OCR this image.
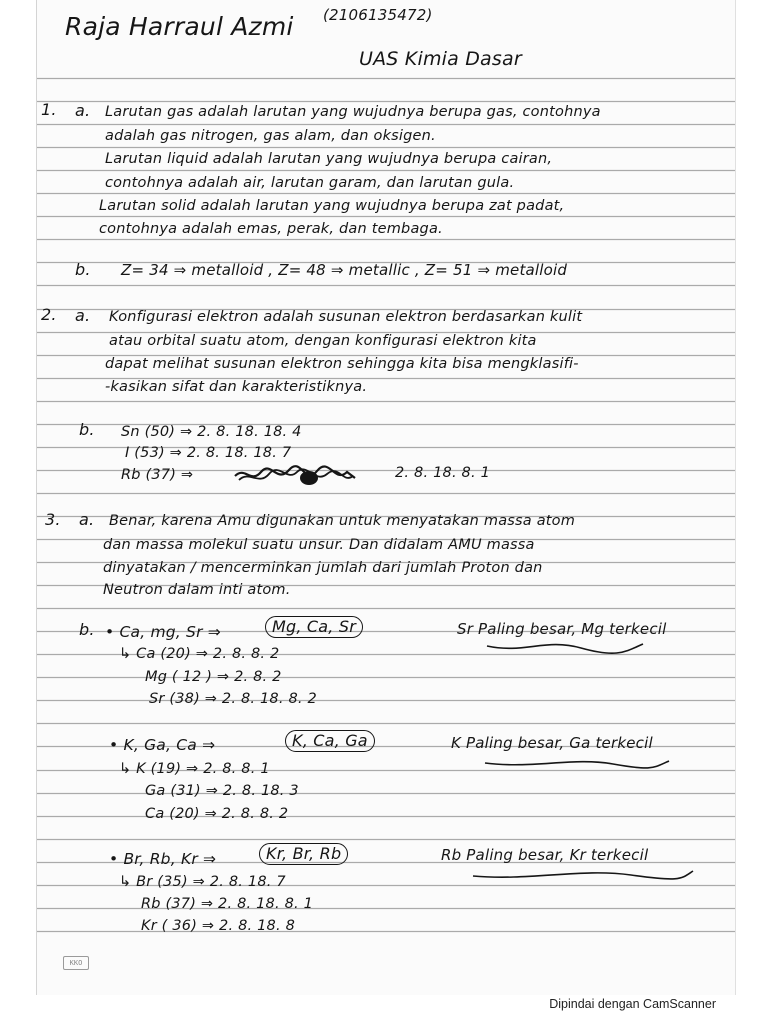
Raja Harraul Azmi (2106135472)
UAS Kimia Dasar
1. a. Larutan gas adalah larutan yang wujudnya berupa gas, contohnya
adalah gas nitrogen, gas alam, dan oksigen.
Larutan liquid adalah larutan yang wujudnya berupa cairan,
contohnya adalah air, larutan garam, dan larutan gula.
Larutan solid adalah larutan yang wujudnya berupa zat padat,
contohnya adalah emas, perak, dan tembaga.
b. Z= 34 ⇒ metalloid , Z= 48 ⇒ metallic , Z= 51 ⇒ metalloid
2. a. Konfigurasi elektron adalah susunan elektron berdasarkan kulit
atau orbital suatu atom, dengan konfigurasi elektron kita
dapat melihat susunan elektron sehingga kita bisa mengklasifi-
-kasikan sifat dan karakteristiknya.
b. Sn (50) ⇒ 2. 8. 18. 18. 4
I (53) ⇒ 2. 8. 18. 18. 7
Rb (37) ⇒	2. 8. 18. 8. 1
3. a. Benar, karena Amu digunakan untuk menyatakan massa atom
dan massa molekul suatu unsur. Dan didalam AMU massa
dinyatakan / mencerminkan jumlah dari jumlah Proton dan
Neutron dalam inti atom.
b. • Ca, mg, Sr ⇒	Mg, Ca, Sr	Sr Paling besar, Mg terkecil
↳ Ca (20) ⇒ 2. 8. 8. 2
Mg ( 12 ) ⇒ 2. 8. 2
Sr (38) ⇒ 2. 8. 18. 8. 2
• K, Ga, Ca ⇒	K, Ca, Ga	K Paling besar, Ga terkecil
↳ K (19) ⇒ 2. 8. 8. 1
Ga (31) ⇒ 2. 8. 18. 3
Ca (20) ⇒ 2. 8. 8. 2
• Br, Rb, Kr ⇒	Kr, Br, Rb	Rb Paling besar, Kr terkecil
↳ Br (35) ⇒ 2. 8. 18. 7
Rb (37) ⇒ 2. 8. 18. 8. 1
Kr ( 36) ⇒ 2. 8. 18. 8
KKO
Dipindai dengan CamScanner
